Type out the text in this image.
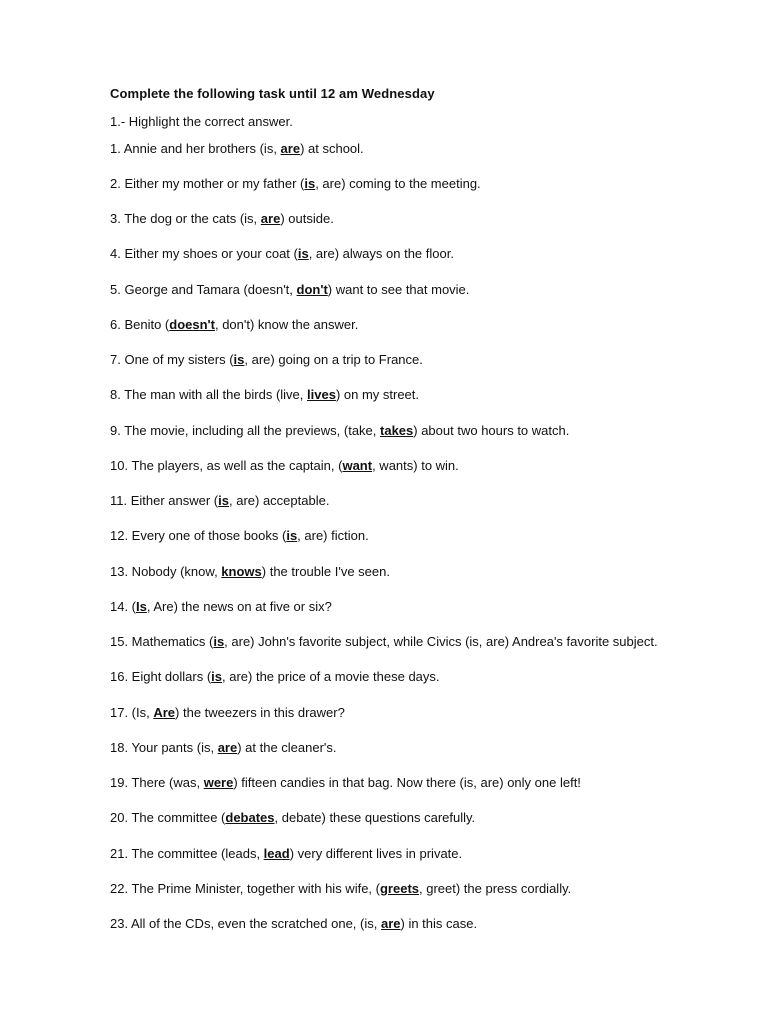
Complete the following task until 12 am Wednesday
1.- Highlight the correct answer.
1. Annie and her brothers (is, are) at school.
2. Either my mother or my father (is, are) coming to the meeting.
3. The dog or the cats (is, are) outside.
4. Either my shoes or your coat (is, are) always on the floor.
5. George and Tamara (doesn't, don't) want to see that movie.
6. Benito (doesn't, don't) know the answer.
7. One of my sisters (is, are) going on a trip to France.
8. The man with all the birds (live, lives) on my street.
9. The movie, including all the previews, (take, takes) about two hours to watch.
10. The players, as well as the captain, (want, wants) to win.
11. Either answer (is, are) acceptable.
12. Every one of those books (is, are) fiction.
13. Nobody (know, knows) the trouble I've seen.
14. (Is, Are) the news on at five or six?
15. Mathematics (is, are) John's favorite subject, while Civics (is, are) Andrea's favorite subject.
16. Eight dollars (is, are) the price of a movie these days.
17. (Is, Are) the tweezers in this drawer?
18. Your pants (is, are) at the cleaner's.
19. There (was, were) fifteen candies in that bag. Now there (is, are) only one left!
20. The committee (debates, debate) these questions carefully.
21. The committee (leads, lead) very different lives in private.
22. The Prime Minister, together with his wife, (greets, greet) the press cordially.
23. All of the CDs, even the scratched one, (is, are) in this case.
